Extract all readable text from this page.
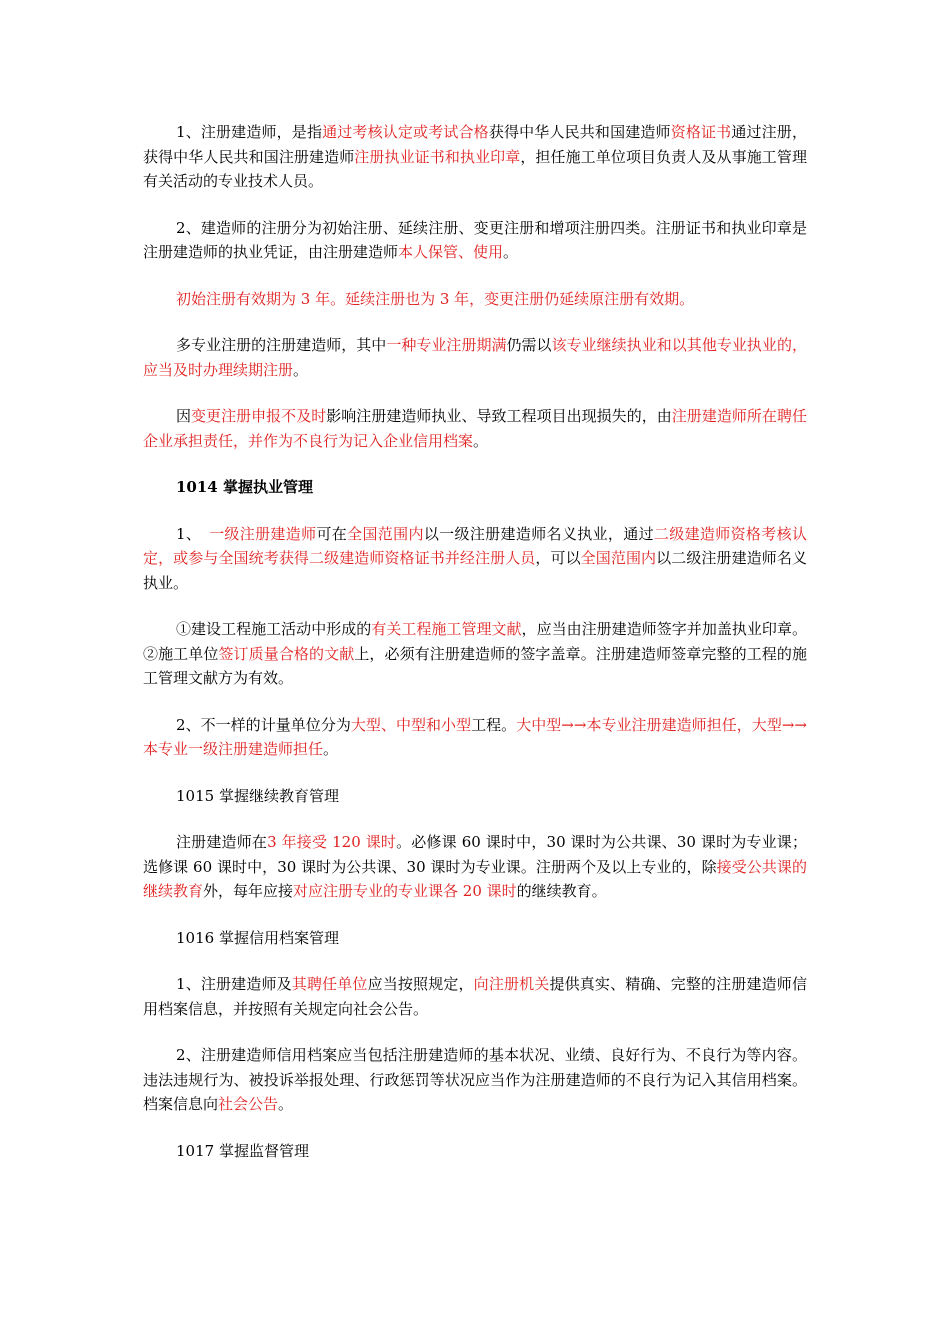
1、注册建造师，是指通过考核认定或考试合格获得中华人民共和国建造师资格证书通过注册，获得中华人民共和国注册建造师注册执业证书和执业印章，担任施工单位项目负责人及从事施工管理有关活动的专业技术人员。

2、建造师的注册分为初始注册、延续注册、变更注册和增项注册四类。注册证书和执业印章是注册建造师的执业凭证，由注册建造师本人保管、使用。

初始注册有效期为 3 年。延续注册也为 3 年，变更注册仍延续原注册有效期。

多专业注册的注册建造师，其中一种专业注册期满仍需以该专业继续执业和以其他专业执业的，应当及时办理续期注册。

因变更注册申报不及时影响注册建造师执业、导致工程项目出现损失的，由注册建造师所在聘任企业承担责任，并作为不良行为记入企业信用档案。

1014 掌握执业管理

1、　一级注册建造师可在全国范围内以一级注册建造师名义执业，通过二级建造师资格考核认定，或参与全国统考获得二级建造师资格证书并经注册人员，可以全国范围内以二级注册建造师名义执业。

①建设工程施工活动中形成的有关工程施工管理文献，应当由注册建造师签字并加盖执业印章。②施工单位签订质量合格的文献上，必须有注册建造师的签字盖章。注册建造师签章完整的工程的施工管理文献方为有效。

2、不一样的计量单位分为大型、中型和小型工程。大中型→→本专业注册建造师担任，大型→→本专业一级注册建造师担任。

1015 掌握继续教育管理

注册建造师在3 年接受 120 课时。必修课 60 课时中，30 课时为公共课、30 课时为专业课；选修课 60 课时中，30 课时为公共课、30 课时为专业课。注册两个及以上专业的，除接受公共课的继续教育外，每年应接对应注册专业的专业课各 20 课时的继续教育。

1016 掌握信用档案管理

1、注册建造师及其聘任单位应当按照规定，向注册机关提供真实、精确、完整的注册建造师信用档案信息，并按照有关规定向社会公告。

2、注册建造师信用档案应当包括注册建造师的基本状况、业绩、良好行为、不良行为等内容。违法违规行为、被投诉举报处理、行政惩罚等状况应当作为注册建造师的不良行为记入其信用档案。档案信息向社会公告。

1017 掌握监督管理
